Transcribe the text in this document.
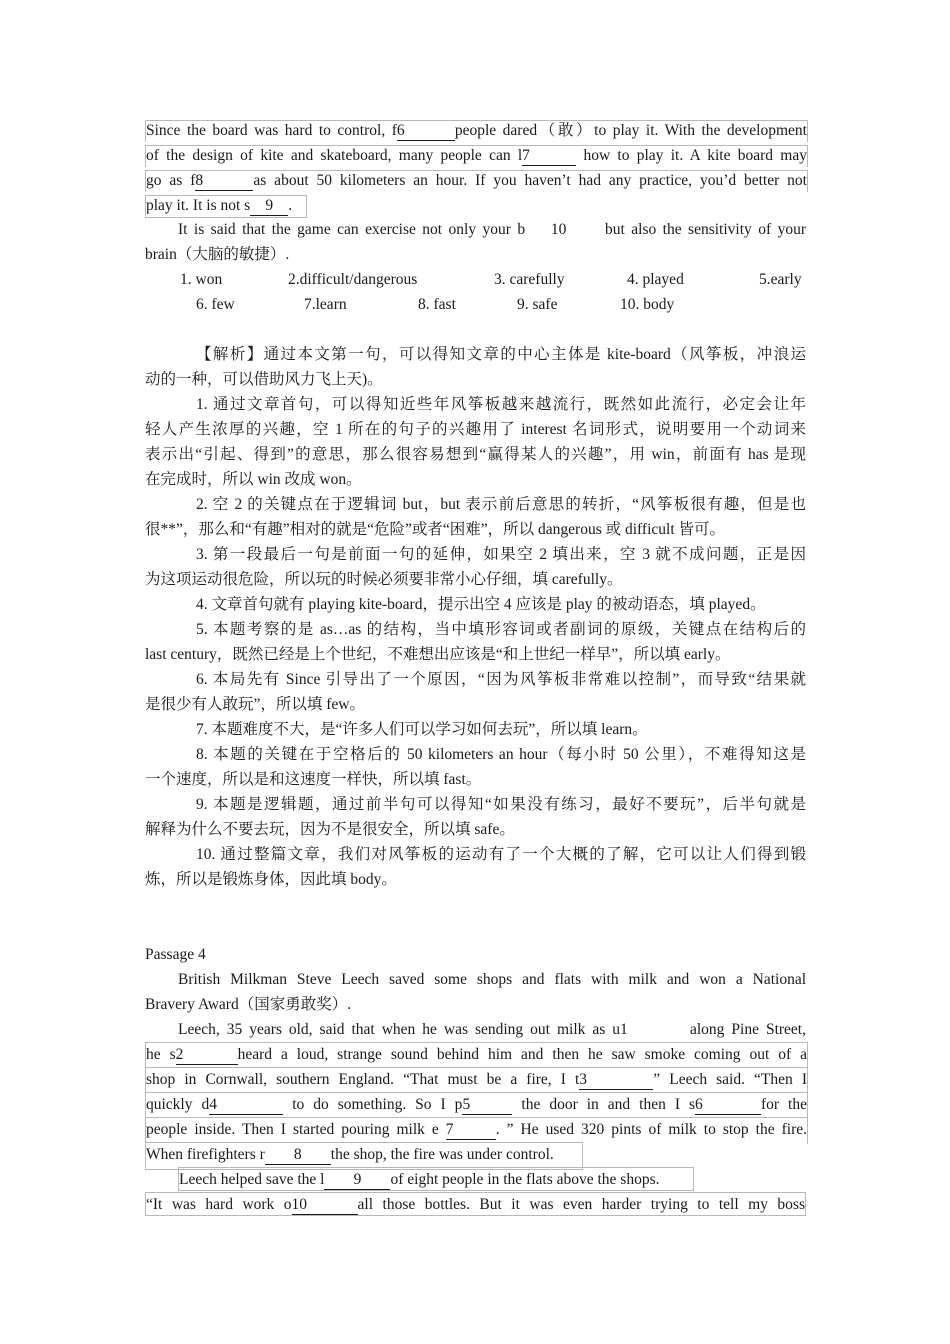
Since the board was hard to control, f6	people dared（敢）to play it. With the development
of the design of kite and skateboard, many people can l7	how to play it. A kite board may
go as f8	as about 50 kilometers an hour. If you haven’t had any practice, you’d better not
play it. It is not s 9 .
It is said that the game can exercise not only your b    10      but also the sensitivity of your
brain（大脑的敏捷）.
1. won	2.difficult/dangerous	3. carefully	4. played	5.early
6. few	7.learn	8. fast	9. safe	10. body
【解析】通过本文第一句，可以得知文章的中心主体是 kite-board（风筝板，冲浪运
动的一种，可以借助风力飞上天)。
1. 通过文章首句，可以得知近些年风筝板越来越流行，既然如此流行，必定会让年
轻人产生浓厚的兴趣，空 1 所在的句子的兴趣用了 interest 名词形式，说明要用一个动词来
表示出“引起、得到”的意思，那么很容易想到“赢得某人的兴趣”，用 win，前面有 has 是现
在完成时，所以 win 改成 won。
2. 空 2 的关键点在于逻辑词 but，but 表示前后意思的转折，“风筝板很有趣，但是也
很**”，那么和“有趣”相对的就是“危险”或者“困难”，所以 dangerous 或 difficult 皆可。
3. 第一段最后一句是前面一句的延伸，如果空 2 填出来，空 3 就不成问题，正是因
为这项运动很危险，所以玩的时候必须要非常小心仔细，填 carefully。
4. 文章首句就有 playing kite-board，提示出空 4 应该是 play 的被动语态，填 played。
5. 本题考察的是 as…as 的结构，当中填形容词或者副词的原级，关键点在结构后的
last century，既然已经是上个世纪，不难想出应该是“和上世纪一样早”，所以填 early。
6. 本局先有 Since 引导出了一个原因，“因为风筝板非常难以控制”，而导致“结果就
是很少有人敢玩”，所以填 few。
7. 本题难度不大，是“许多人们可以学习如何去玩”，所以填 learn。
8. 本题的关键在于空格后的 50 kilometers an hour（每小时 50 公里），不难得知这是
一个速度，所以是和这速度一样快，所以填 fast。
9. 本题是逻辑题，通过前半句可以得知“如果没有练习，最好不要玩”，后半句就是
解释为什么不要去玩，因为不是很安全，所以填 safe。
10. 通过整篇文章，我们对风筝板的运动有了一个大概的了解，它可以让人们得到锻
炼，所以是锻炼身体，因此填 body。
Passage 4
British Milkman Steve Leech saved some shops and flats with milk and won a National
Bravery Award（国家勇敢奖）.
Leech, 35 years old, said that when he was sending out milk as u1	along Pine Street,
he s2	heard a loud, strange sound behind him and then he saw smoke coming out of a
shop in Cornwall, southern England. “That must be a fire, I t3	” Leech said. “Then I
quickly d4	to do something. So I p5	the door in and then I s6	for the
people inside. Then I started pouring milk e 7	. ” He used 320 pints of milk to stop the fire.
When firefighters r 8 the shop, the fire was under control.
Leech helped save the l 9 of eight people in the flats above the shops.
“It was hard work o10	all those bottles. But it was even harder trying to tell my boss
